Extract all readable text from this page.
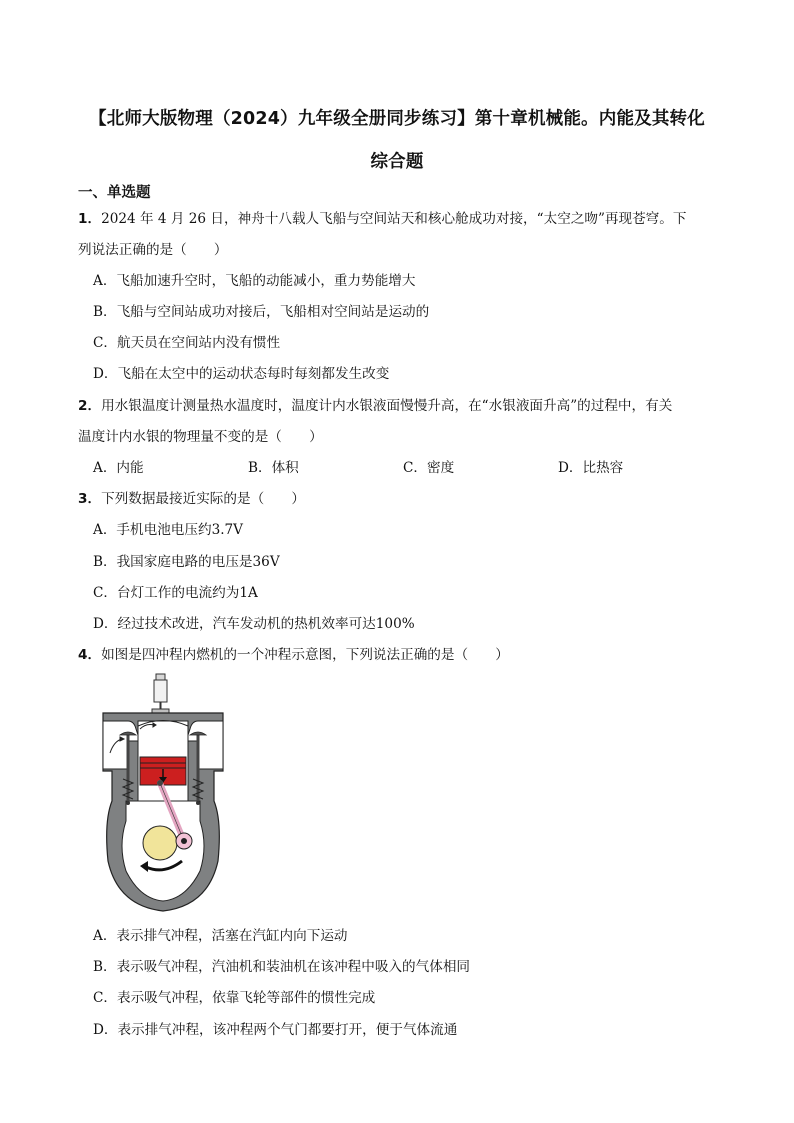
【北师大版物理（2024）九年级全册同步练习】第十章机械能。内能及其转化
综合题
一、单选题
1．2024 年 4 月 26 日，神舟十八载人飞船与空间站天和核心舱成功对接，“太空之吻”再现苍穹。下
列说法正确的是（　　）
A．飞船加速升空时，飞船的动能减小，重力势能增大
B．飞船与空间站成功对接后，飞船相对空间站是运动的
C．航天员在空间站内没有惯性
D．飞船在太空中的运动状态每时每刻都发生改变
2．用水银温度计测量热水温度时，温度计内水银液面慢慢升高，在“水银液面升高”的过程中，有关
温度计内水银的物理量不变的是（　　）
A．内能	B．体积	C．密度	D．比热容
3．下列数据最接近实际的是（　　）
A．手机电池电压约3.7V
B．我国家庭电路的电压是36V
C．台灯工作的电流约为1A
D．经过技术改进，汽车发动机的热机效率可达100%
4．如图是四冲程内燃机的一个冲程示意图，下列说法正确的是（　　）
A．表示排气冲程，活塞在汽缸内向下运动
B．表示吸气冲程，汽油机和装油机在该冲程中吸入的气体相同
C．表示吸气冲程，依靠飞轮等部件的惯性完成
D．表示排气冲程，该冲程两个气门都要打开，便于气体流通
